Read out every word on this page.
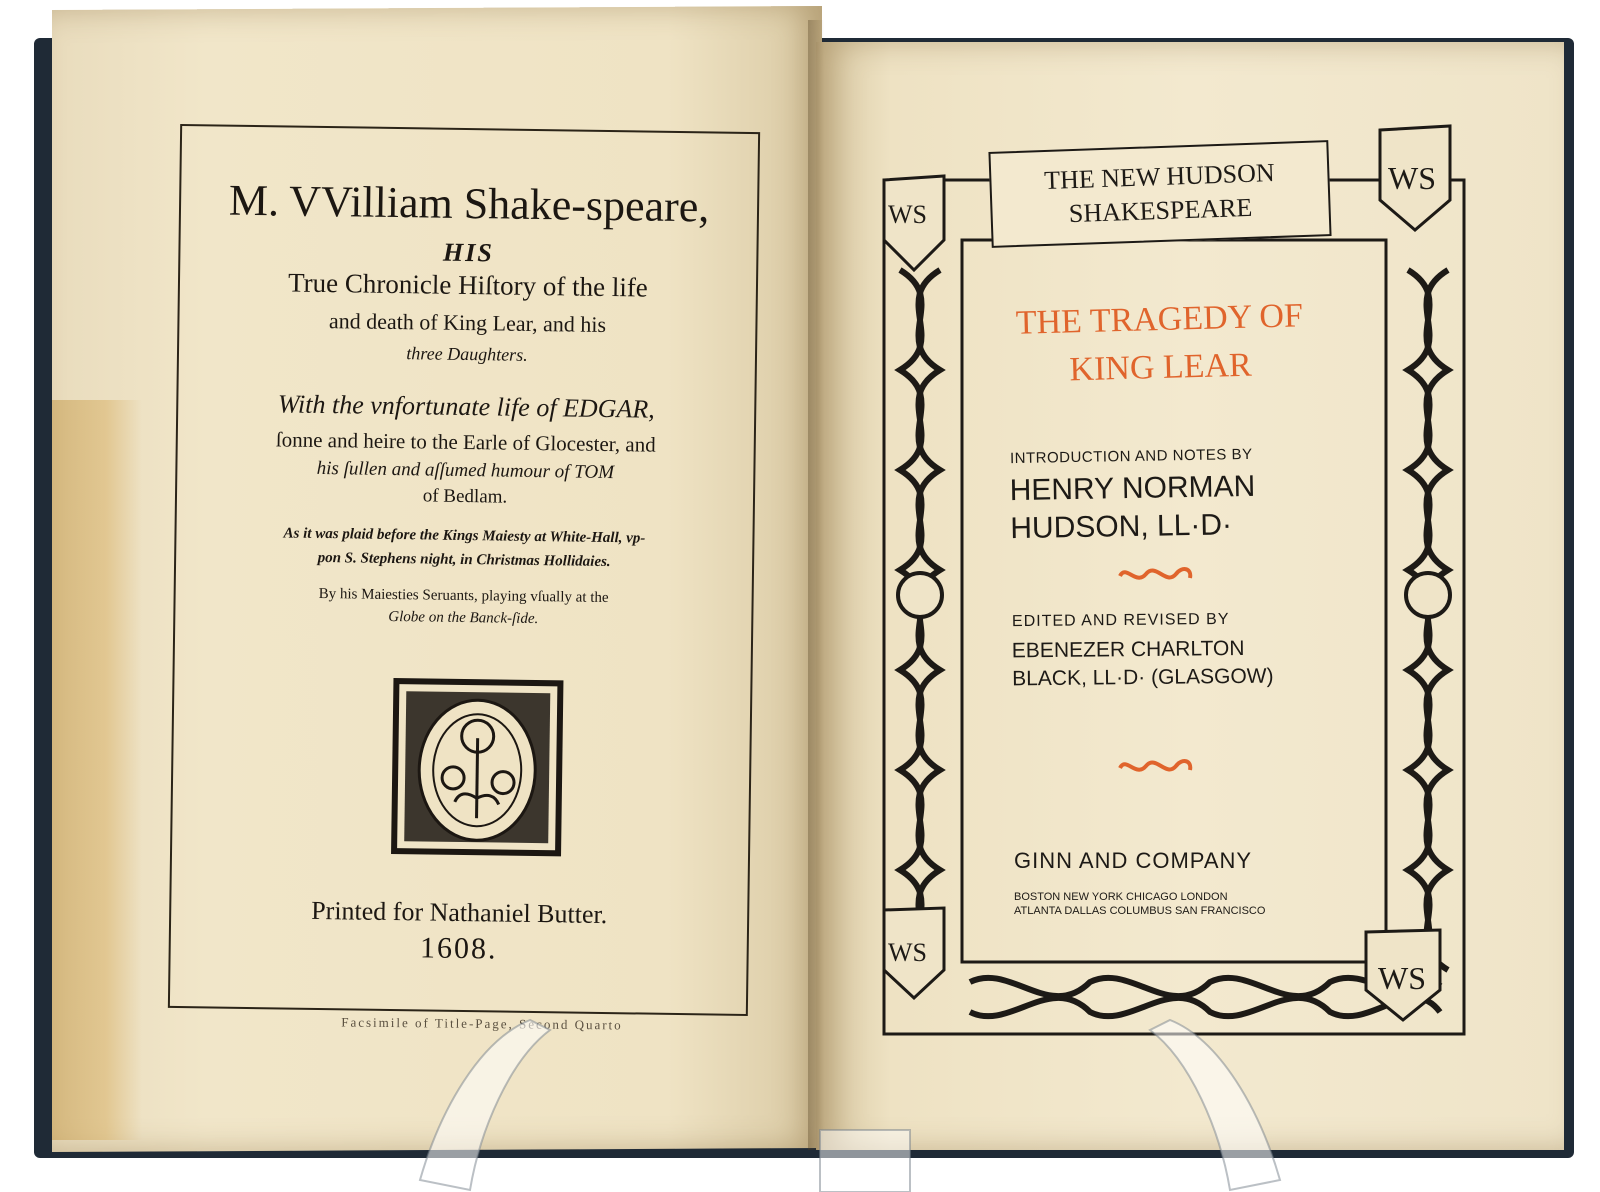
M. VVilliam Shake-speare,
HIS
True Chronicle Hiſtory of the life
and death of King Lear, and his
three Daughters.
With the vnfortunate life of EDGAR,
ſonne and heire to the Earle of Glocester, and
his ſullen and aſſumed humour of TOM
of Bedlam.
As it was plaid before the Kings Maiesty at White-Hall, vp-
pon S. Stephens night, in Christmas Hollidaies.
By his Maiesties Seruants, playing vſually at the
Globe on the Banck-ſide.
Printed for Nathaniel Butter.
1608.
Facsimile of Title-Page, Second Quarto
WS
WS
WS
WS
THE NEW HUDSON
SHAKESPEARE
THE TRAGEDY OF
KING LEAR
INTRODUCTION AND NOTES BY
HENRY NORMAN
HUDSON, LL·D·
EDITED AND REVISED BY
EBENEZER CHARLTON
BLACK, LL·D· (GLASGOW)
GINN AND COMPANY
BOSTON NEW YORK CHICAGO LONDON
ATLANTA DALLAS COLUMBUS SAN FRANCISCO
